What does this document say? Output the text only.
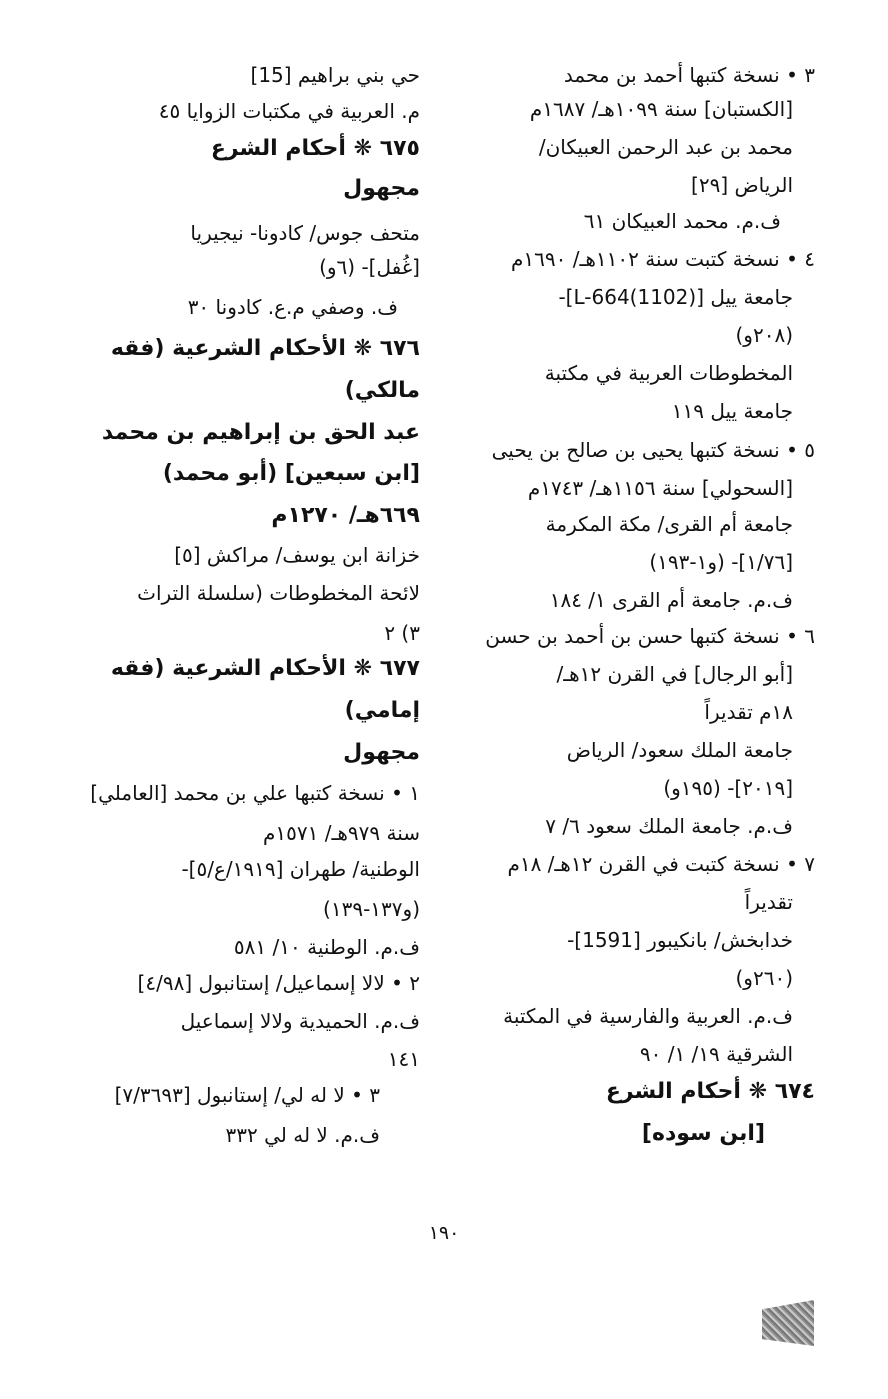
٣ • نسخة كتبها أحمد بن محمد
[الكستبان] سنة ١٠٩٩هـ/ ١٦٨٧م
محمد بن عبد الرحمن العبيكان/
الرياض [٢٩]
ف.م. محمد العبيكان ٦١
٤ • نسخة كتبت سنة ١١٠٢هـ/ ١٦٩٠م
جامعة ييل [L-664(1102)]-
(٢٠٨و)
المخطوطات العربية في مكتبة
جامعة ييل ١١٩
٥ • نسخة كتبها يحيى بن صالح بن يحيى
[السحولي] سنة ١١٥٦هـ/ ١٧٤٣م
جامعة أم القرى/ مكة المكرمة
[١/٧٦]- (و١-١٩٣)
ف.م. جامعة أم القرى ١/ ١٨٤
٦ • نسخة كتبها حسن بن أحمد بن حسن
[أبو الرجال] في القرن ١٢هـ/
١٨م تقديراً
جامعة الملك سعود/ الرياض
[٢٠١٩]- (١٩٥و)
ف.م. جامعة الملك سعود ٦/ ٧
٧ • نسخة كتبت في القرن ١٢هـ/ ١٨م
تقديراً
خدابخش/ بانكيبور [1591]-
(٢٦٠و)
ف.م. العربية والفارسية في المكتبة
الشرقية ١٩/ ١/ ٩٠
٦٧٤ ❋ أحكام الشرع
[ابن سوده]
حي بني براهيم [15]
م. العربية في مكتبات الزوايا ٤٥
٦٧٥ ❋ أحكام الشرع
مجهول
متحف جوس/ كادونا- نيجيريا
[غُفل]- (٦و)
ف. وصفي م.ع. كادونا ٣٠
٦٧٦ ❋ الأحكام الشرعية (فقه
مالكي)
عبد الحق بن إبراهيم بن محمد
[ابن سبعين] (أبو محمد)
٦٦٩هـ/ ١٢٧٠م
خزانة ابن يوسف/ مراكش [٥]
لائحة المخطوطات (سلسلة التراث
٣) ٢
٦٧٧ ❋ الأحكام الشرعية (فقه
إمامي)
مجهول
١ • نسخة كتبها علي بن محمد [العاملي]
سنة ٩٧٩هـ/ ١٥٧١م
الوطنية/ طهران [١٩١٩/ع/٥]-
(و١٣٧-١٣٩)
ف.م. الوطنية ١٠/ ٥٨١
٢ • لالا إسماعيل/ إستانبول [٤/٩٨]
ف.م. الحميدية ولالا إسماعيل
١٤١
٣ • لا له لي/ إستانبول [٧/٣٦٩٣]
ف.م. لا له لي ٣٣٢
١٩٠
